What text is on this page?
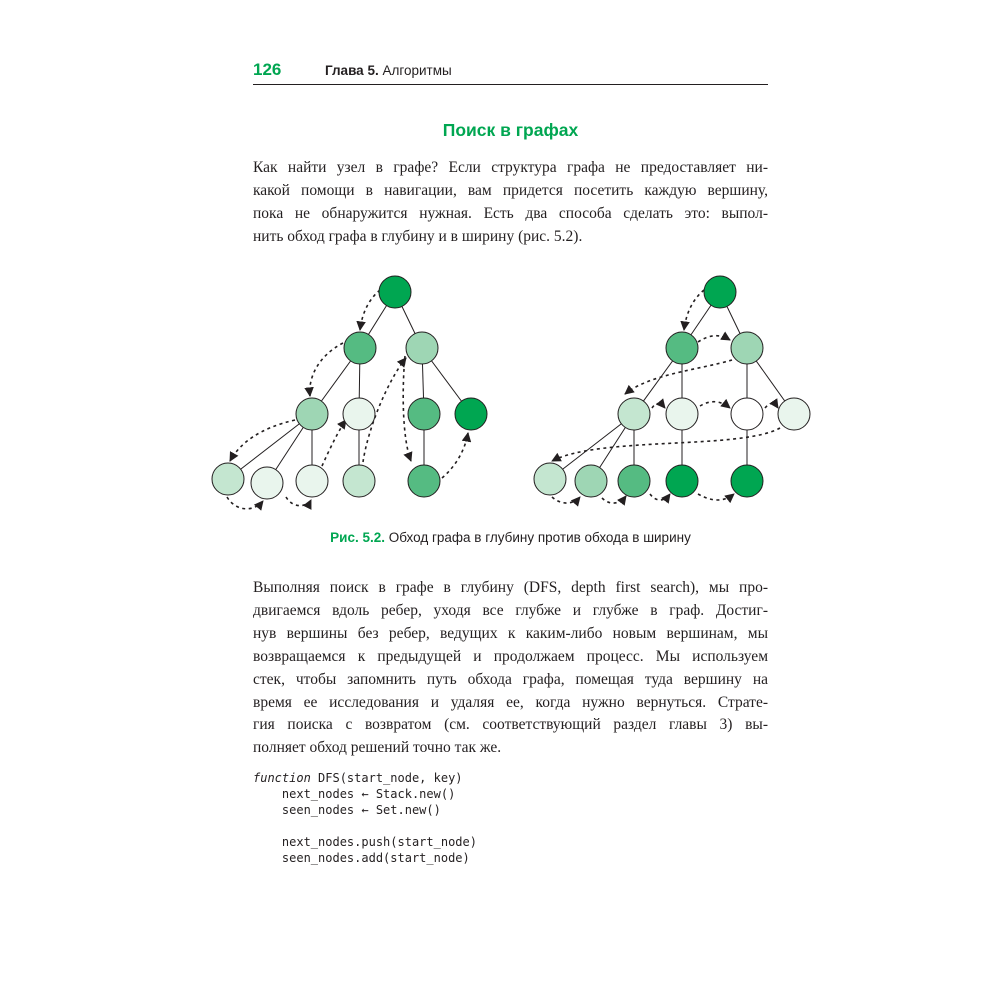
126	Глава 5. Алгоритмы
Поиск в графах
Как найти узел в графе? Если структура графа не предоставляет ни-
какой помощи в навигации, вам придется посетить каждую вершину,
пока не обнаружится нужная. Есть два способа сделать это: выпол-
нить обход графа в глубину и в ширину (рис. 5.2).
Рис. 5.2. Обход графа в глубину против обхода в ширину
Выполняя поиск в графе в глубину (DFS, depth first search), мы про-
двигаемся вдоль ребер, уходя все глубже и глубже в граф. Достиг-
нув вершины без ребер, ведущих к каким-либо новым вершинам, мы
возвращаемся к предыдущей и продолжаем процесс. Мы используем
стек, чтобы запомнить путь обхода графа, помещая туда вершину на
время ее исследования и удаляя ее, когда нужно вернуться. Страте-
гия поиска с возвратом (см. соответствующий раздел главы 3) вы-
полняет обход решений точно так же.
function DFS(start_node, key)
next_nodes ← Stack.new()
seen_nodes ← Set.new()
next_nodes.push(start_node)
seen_nodes.add(start_node)
